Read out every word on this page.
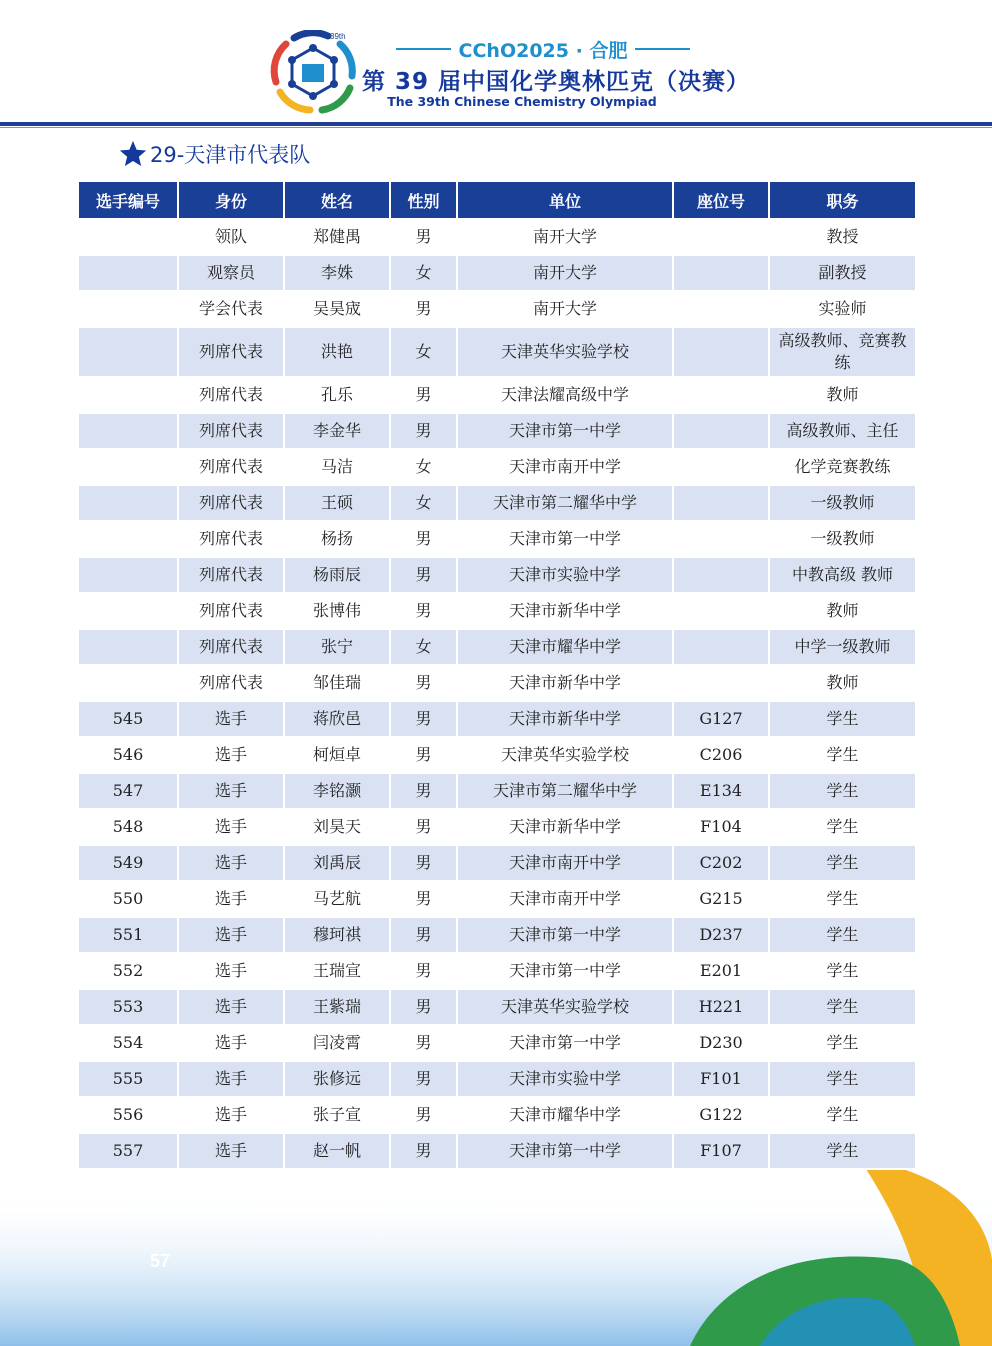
39th
CChO2025 · 合肥
第 39 届中国化学奥林匹克（决赛）
The 39th Chinese Chemistry Olympiad
29-天津市代表队
57
选手编号	身份	姓名	性别	单位	座位号	职务
	领队	郑健禺	男	南开大学		教授
	观察员	李姝	女	南开大学		副教授
	学会代表	吴昊宬	男	南开大学		实验师
	列席代表	洪艳	女	天津英华实验学校		高级教师、竞赛教练
	列席代表	孔乐	男	天津法耀高级中学		教师
	列席代表	李金华	男	天津市第一中学		高级教师、主任
	列席代表	马洁	女	天津市南开中学		化学竞赛教练
	列席代表	王硕	女	天津市第二耀华中学		一级教师
	列席代表	杨扬	男	天津市第一中学		一级教师
	列席代表	杨雨辰	男	天津市实验中学		中教高级 教师
	列席代表	张博伟	男	天津市新华中学		教师
	列席代表	张宁	女	天津市耀华中学		中学一级教师
	列席代表	邹佳瑞	男	天津市新华中学		教师
545	选手	蒋欣邑	男	天津市新华中学	G127	学生
546	选手	柯烜卓	男	天津英华实验学校	C206	学生
547	选手	李铭灏	男	天津市第二耀华中学	E134	学生
548	选手	刘昊天	男	天津市新华中学	F104	学生
549	选手	刘禹辰	男	天津市南开中学	C202	学生
550	选手	马艺航	男	天津市南开中学	G215	学生
551	选手	穆珂祺	男	天津市第一中学	D237	学生
552	选手	王瑞宣	男	天津市第一中学	E201	学生
553	选手	王紫瑞	男	天津英华实验学校	H221	学生
554	选手	闫凌霄	男	天津市第一中学	D230	学生
555	选手	张修远	男	天津市实验中学	F101	学生
556	选手	张子宣	男	天津市耀华中学	G122	学生
557	选手	赵一帆	男	天津市第一中学	F107	学生
